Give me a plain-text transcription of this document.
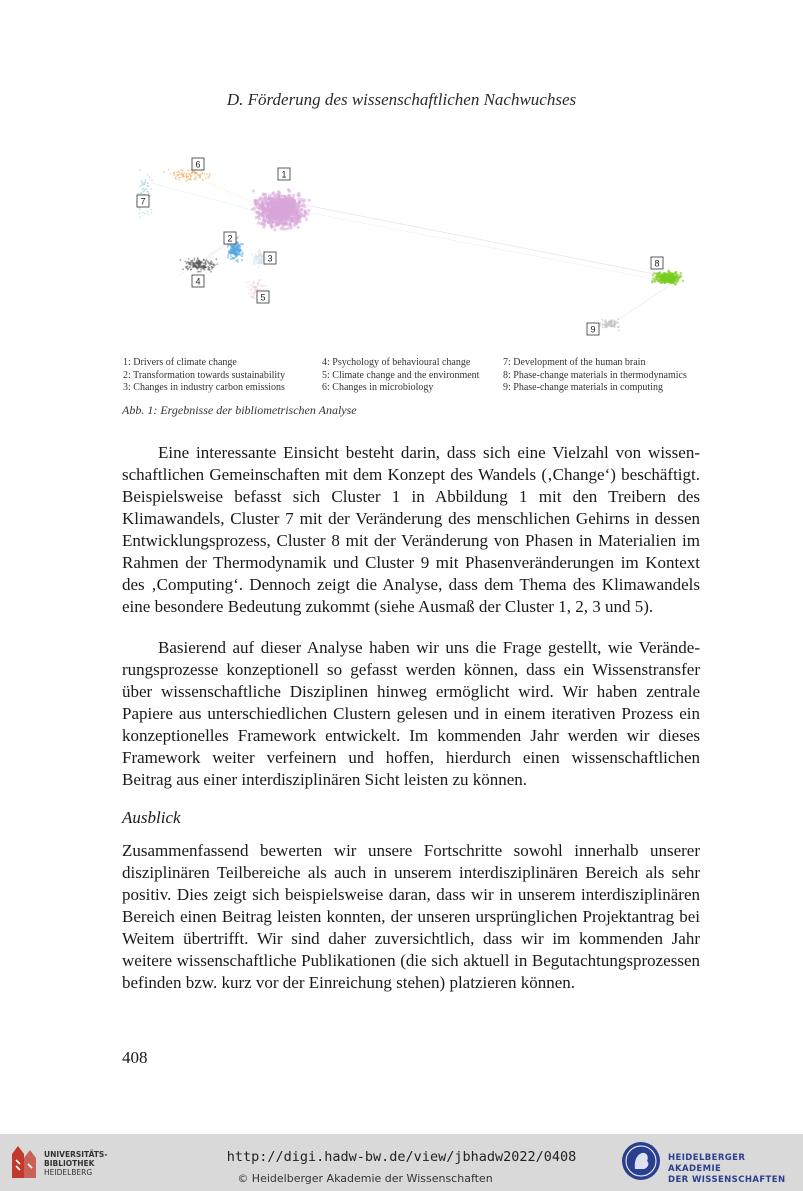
D. Förderung des wissenschaftlichen Nachwuchses
1
2
3
4
5
6
7
8
9
1: Drivers of climate change
2: Transformation towards sustainability
3: Changes in industry carbon emissions
4: Psychology of behavioural change
5: Climate change and the environment
6: Changes in microbiology
7: Development of the human brain
8: Phase-change materials in thermodynamics
9: Phase-change materials in computing
Abb. 1: Ergebnisse der bibliometrischen Analyse
Eine interessante Einsicht besteht darin, dass sich eine Vielzahl von wissenschaftlichen Gemeinschaften mit dem Konzept des Wandels (‚Change‘) beschäftigt. Beispielsweise befasst sich Cluster 1 in Abbildung 1 mit den Treibern des Klimawandels, Cluster 7 mit der Veränderung des menschlichen Gehirns in dessen Entwicklungsprozess, Cluster 8 mit der Veränderung von Phasen in Materialien im Rahmen der Thermodynamik und Cluster 9 mit Phasenveränderungen im Kontext des ‚Computing‘. Dennoch zeigt die Analyse, dass dem Thema des Klimawandels eine besondere Bedeutung zukommt (siehe Ausmaß der Cluster 1, 2, 3 und 5).
Basierend auf dieser Analyse haben wir uns die Frage gestellt, wie Veränderungsprozesse konzeptionell so gefasst werden können, dass ein Wissenstransfer über wissenschaftliche Disziplinen hinweg ermöglicht wird. Wir haben zentrale Papiere aus unterschiedlichen Clustern gelesen und in einem iterativen Prozess ein konzeptionelles Framework entwickelt. Im kommenden Jahr werden wir dieses Framework weiter verfeinern und hoffen, hierdurch einen wissenschaftlichen Beitrag aus einer interdisziplinären Sicht leisten zu können.
Ausblick
Zusammenfassend bewerten wir unsere Fortschritte sowohl innerhalb unserer disziplinären Teilbereiche als auch in unserem interdisziplinären Bereich als sehr positiv. Dies zeigt sich beispielsweise daran, dass wir in unserem interdisziplinären Bereich einen Beitrag leisten konnten, der unseren ursprünglichen Projektantrag bei Weitem übertrifft. Wir sind daher zuversichtlich, dass wir im kommenden Jahr weitere wissenschaftliche Publikationen (die sich aktuell in Begutachtungsprozessen befinden bzw. kurz vor der Einreichung stehen) platzieren können.
408
UNIVERSITÄTS-
BIBLIOTHEK
HEIDELBERG
http://digi.hadw-bw.de/view/jbhadw2022/0408
© Heidelberger Akademie der Wissenschaften
HEIDELBERGER AKADEMIE
DER WISSENSCHAFTEN
